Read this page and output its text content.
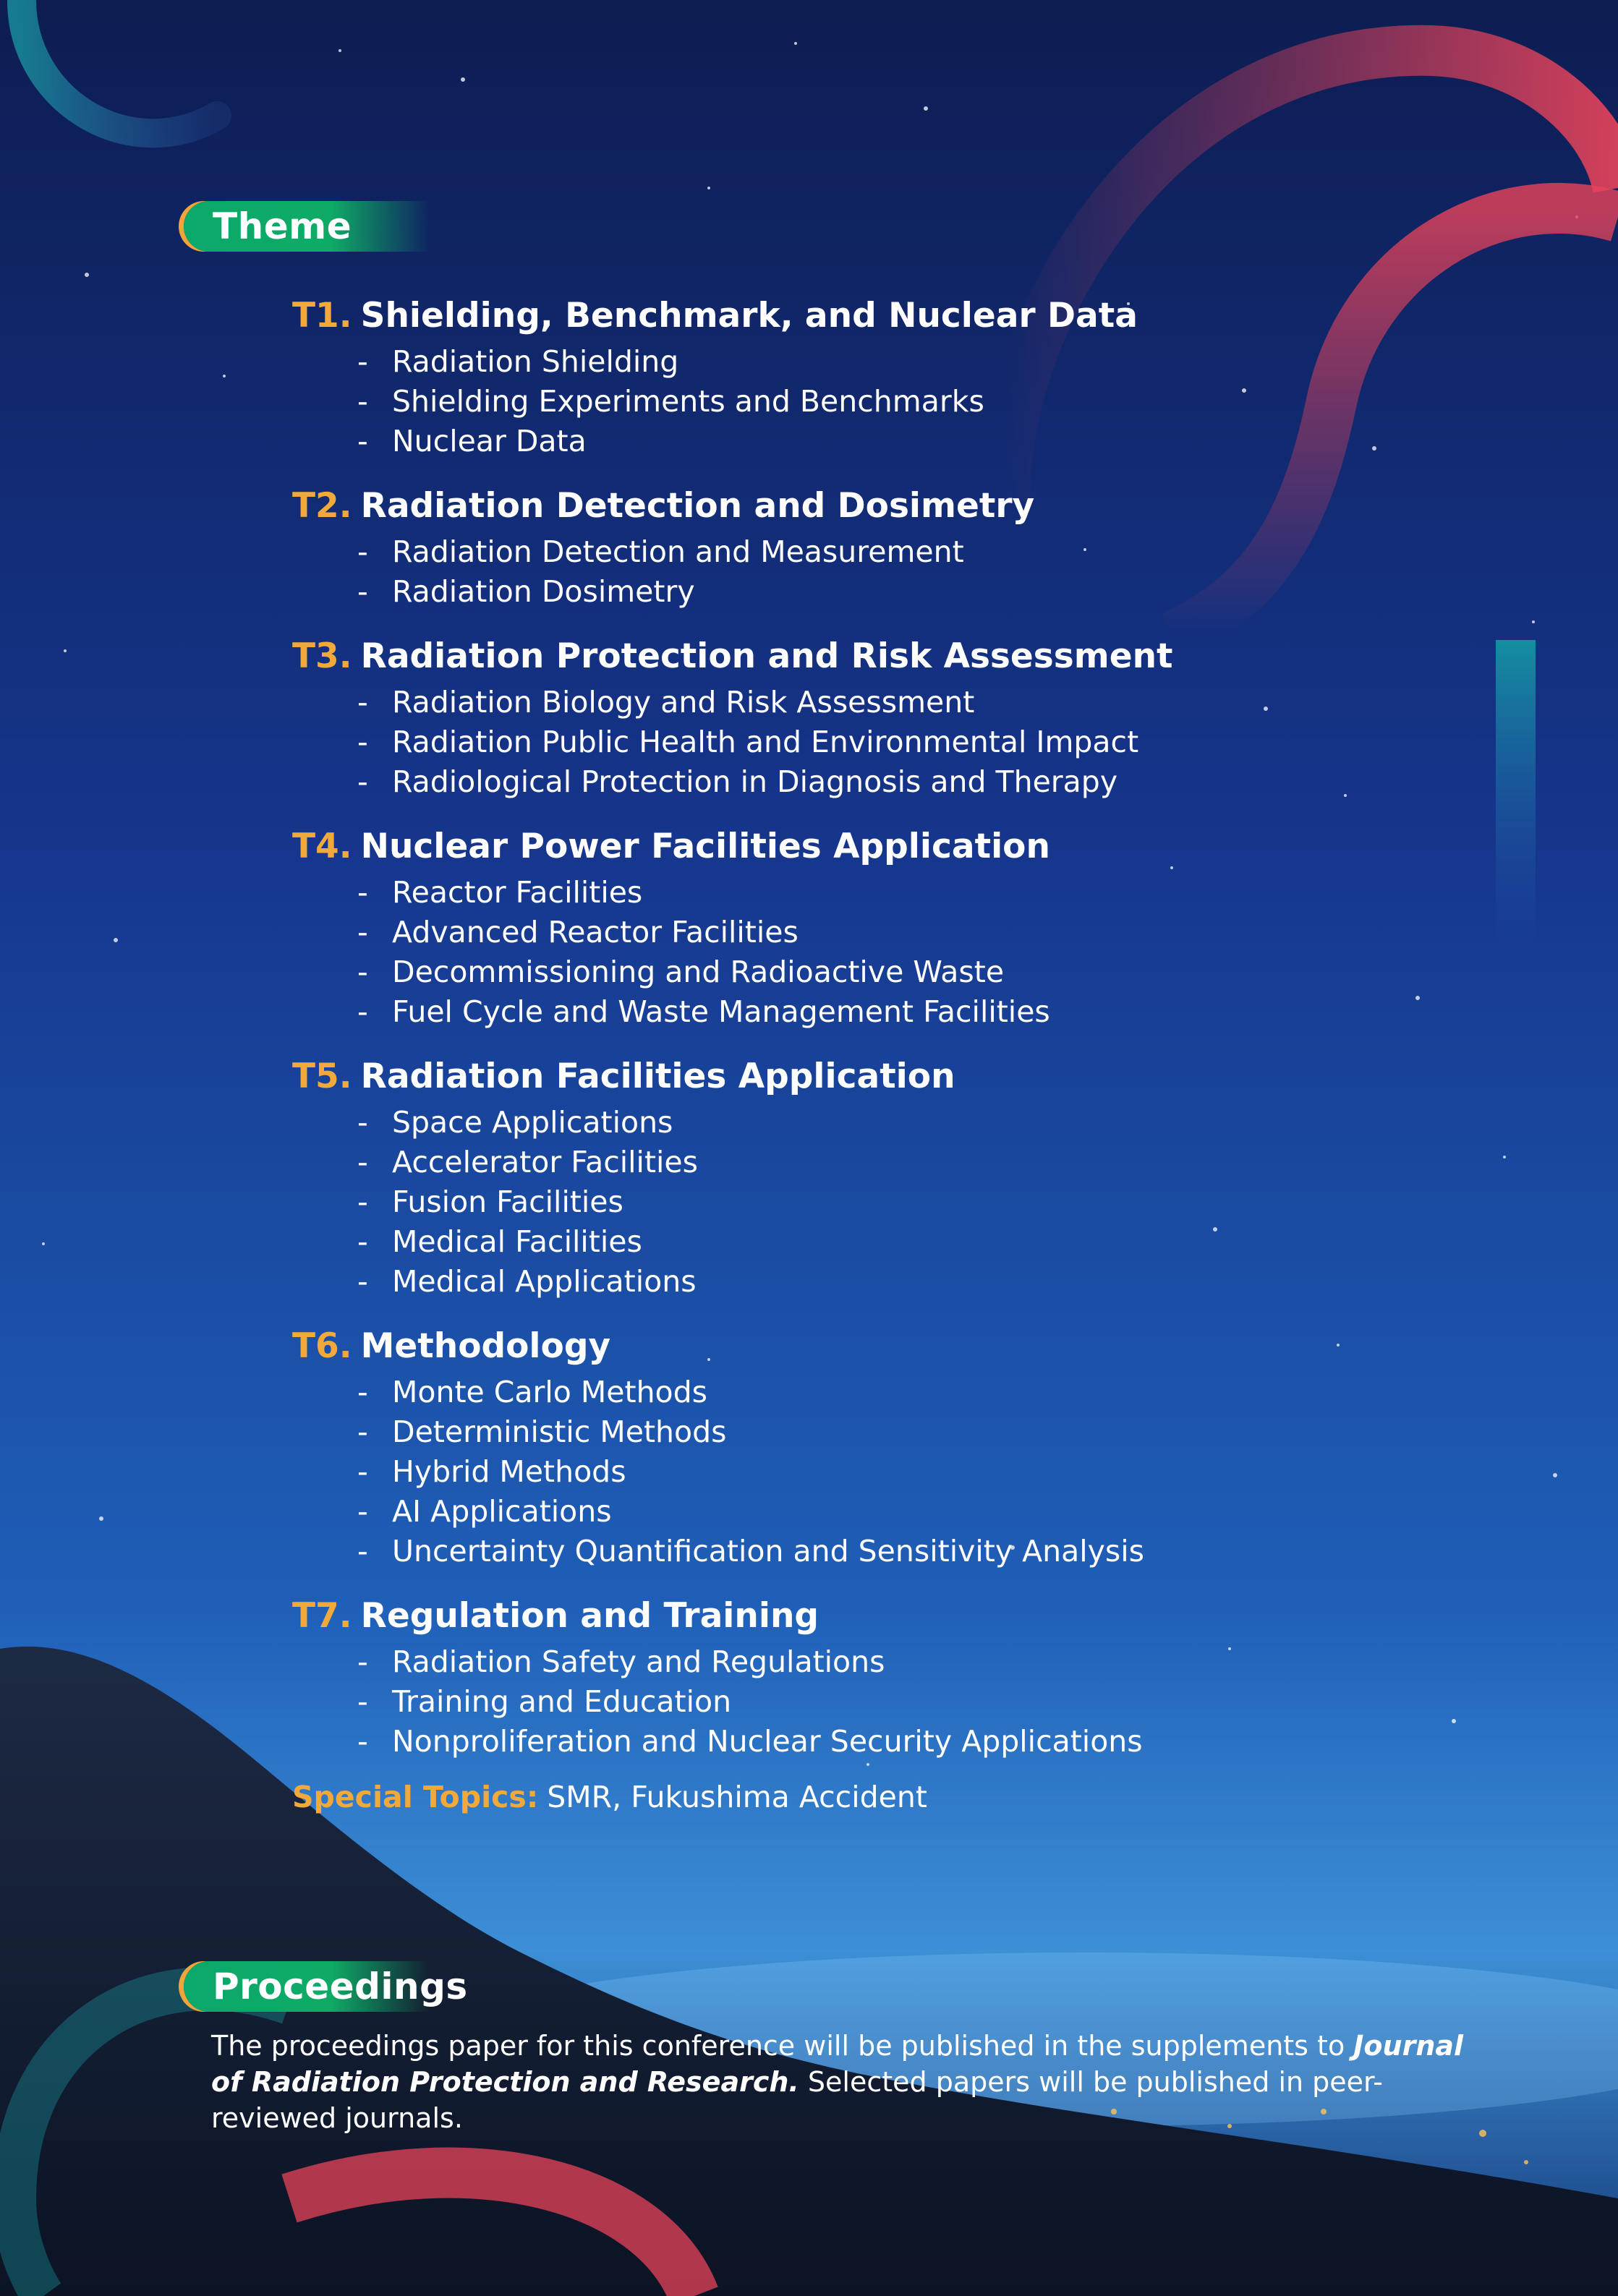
Theme
T1. Shielding, Benchmark, and Nuclear Data
- Radiation Shielding
- Shielding Experiments and Benchmarks
- Nuclear Data
T2. Radiation Detection and Dosimetry
- Radiation Detection and Measurement
- Radiation Dosimetry
T3. Radiation Protection and Risk Assessment
- Radiation Biology and Risk Assessment
- Radiation Public Health and Environmental Impact
- Radiological Protection in Diagnosis and Therapy
T4. Nuclear Power Facilities Application
- Reactor Facilities
- Advanced Reactor Facilities
- Decommissioning and Radioactive Waste
- Fuel Cycle and Waste Management Facilities
T5. Radiation Facilities Application
- Space Applications
- Accelerator Facilities
- Fusion Facilities
- Medical Facilities
- Medical Applications
T6. Methodology
- Monte Carlo Methods
- Deterministic Methods
- Hybrid Methods
- AI Applications
- Uncertainty Quantification and Sensitivity Analysis
T7. Regulation and Training
- Radiation Safety and Regulations
- Training and Education
- Nonproliferation and Nuclear Security Applications
Special Topics: SMR, Fukushima Accident
Proceedings
The proceedings paper for this conference will be published in the supplements to Journal of Radiation Protection and Research. Selected papers will be published in peer-reviewed journals.
